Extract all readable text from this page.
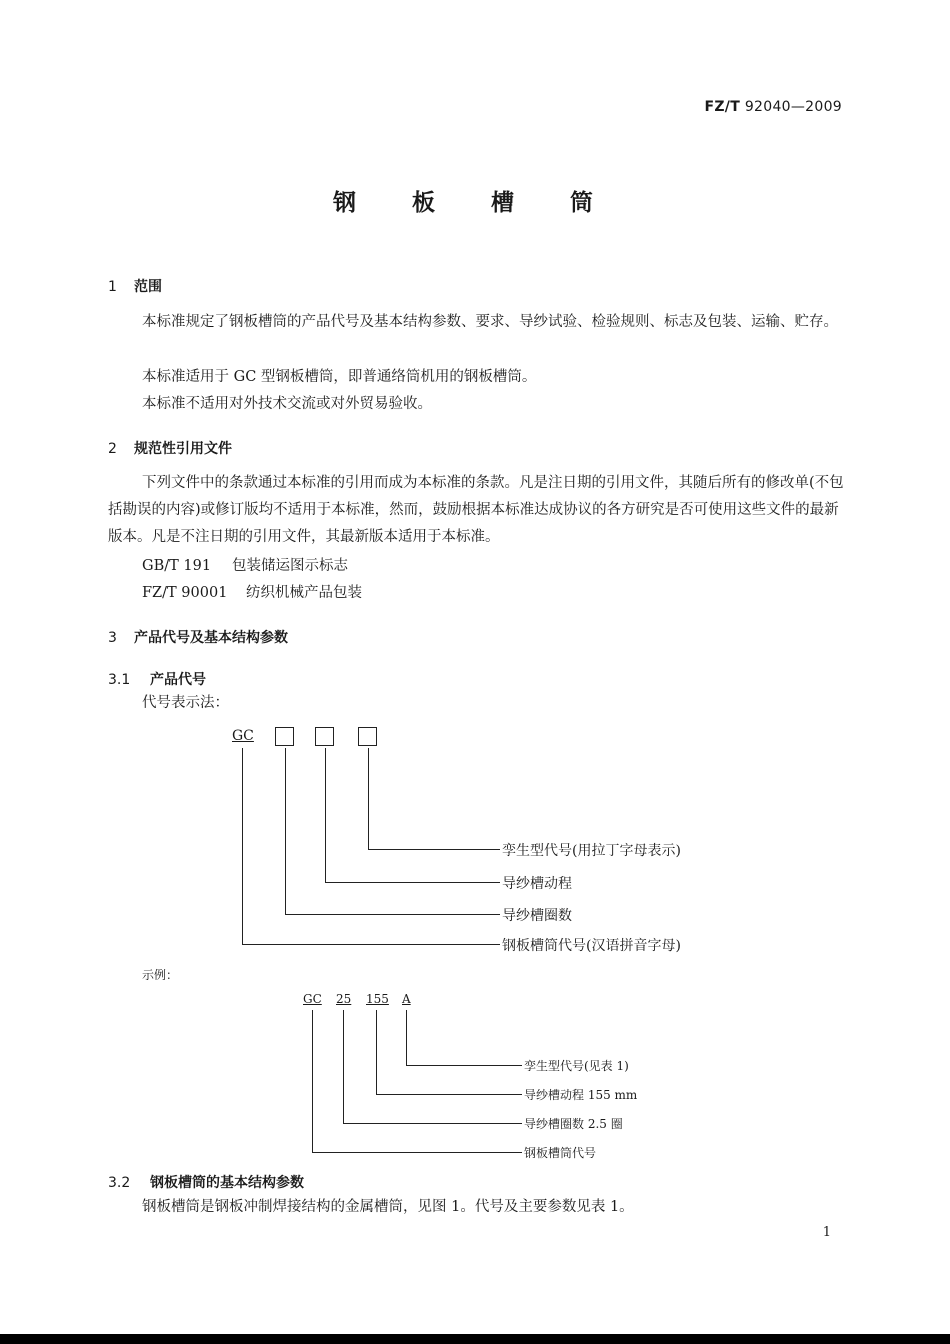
FZ/T 92040—2009
钢 板 槽 筒
1 范围
本标准规定了钢板槽筒的产品代号及基本结构参数、要求、导纱试验、检验规则、标志及包装、运输、贮存。
本标准适用于 GC 型钢板槽筒，即普通络筒机用的钢板槽筒。
本标准不适用对外技术交流或对外贸易验收。
2 规范性引用文件
下列文件中的条款通过本标准的引用而成为本标准的条款。凡是注日期的引用文件，其随后所有的修改单(不包括勘误的内容)或修订版均不适用于本标准，然而，鼓励根据本标准达成协议的各方研究是否可使用这些文件的最新版本。凡是不注日期的引用文件，其最新版本适用于本标准。
GB/T 191 包装储运图示标志
FZ/T 90001 纺织机械产品包装
3 产品代号及基本结构参数
3.1 产品代号
代号表示法：
GC
孪生型代号(用拉丁字母表示)
导纱槽动程
导纱槽圈数
钢板槽筒代号(汉语拼音字母)
示例：
GC 25 155 A
孪生型代号(见表 1)
导纱槽动程 155 mm
导纱槽圈数 2.5 圈
钢板槽筒代号
3.2 钢板槽筒的基本结构参数
钢板槽筒是钢板冲制焊接结构的金属槽筒，见图 1。代号及主要参数见表 1。
1
